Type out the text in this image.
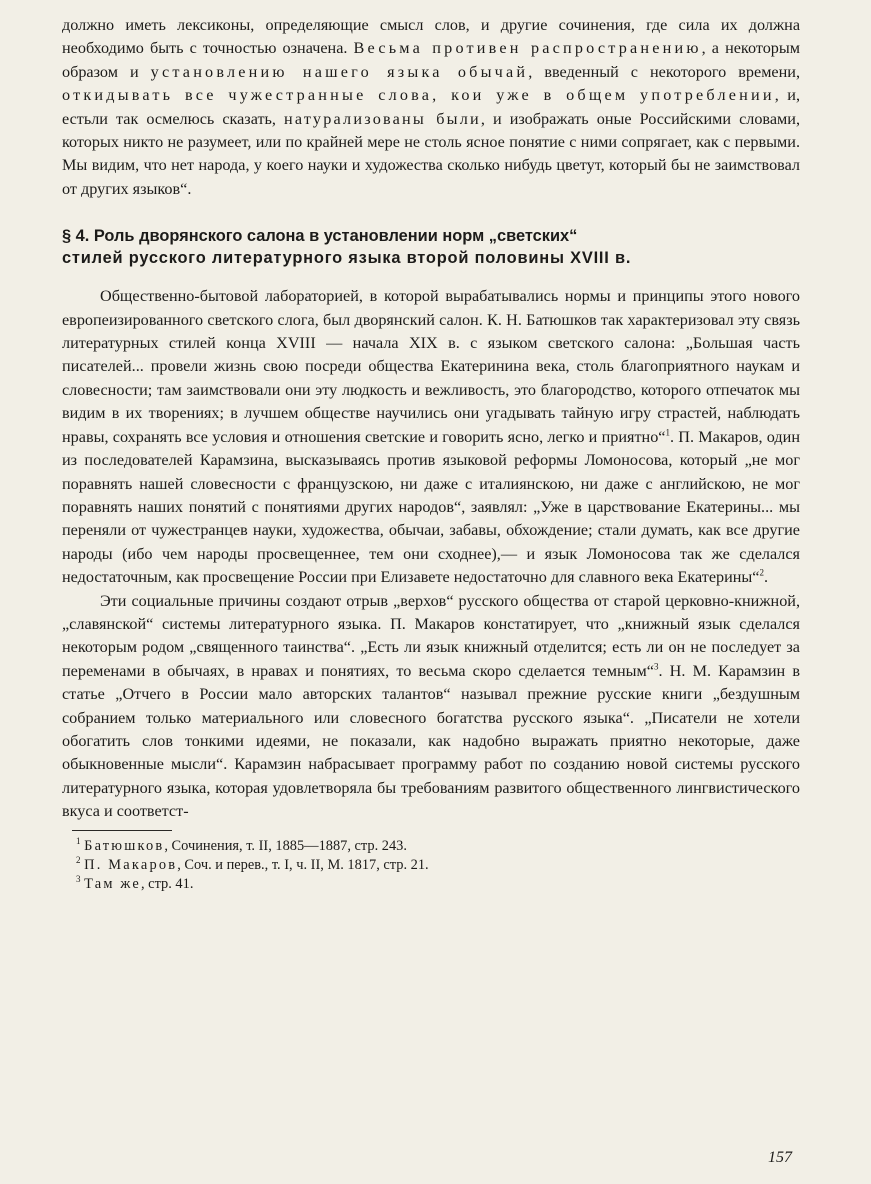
должно иметь лексиконы, определяющие смысл слов, и другие сочинения, где сила их должна необходимо быть с точностью означена. Весьма противен распространению, а некоторым образом и установлению нашего языка обычай, введенный с некоторого времени, откидывать все чужестранные слова, кои уже в общем употреблении, и, естьли так осмелюсь сказать, натурализованы были, и изображать оные Российскими словами, которых никто не разумеет, или по крайней мере не столь ясное понятие с ними сопрягает, как с первыми. Мы видим, что нет народа, у коего науки и художества сколько нибудь цветут, который бы не заимствовал от других языков“.

§ 4. Роль дворянского салона в установлении норм „светских“
стилей русского литературного языка второй половины XVIII в.

Общественно-бытовой лабораторией, в которой вырабатывались нормы и принципы этого нового европеизированного светского слога, был дворянский салон. К. Н. Батюшков так характеризовал эту связь литературных стилей конца XVIII — начала XIX в. с языком светского салона: „Большая часть писателей... провели жизнь свою посреди общества Екатеринина века, столь благоприятного наукам и словесности; там заимствовали они эту людкость и вежливость, это благородство, которого отпечаток мы видим в их творениях; в лучшем обществе научились они угадывать тайную игру страстей, наблюдать нравы, сохранять все условия и отношения светские и говорить ясно, легко и приятно“$^1$. П. Макаров, один из последователей Карамзина, высказываясь против языковой реформы Ломоносова, который „не мог поравнять нашей словесности с французскою, ни даже с италиянскою, ни даже с английскою, не мог поравнять наших понятий с понятиями других народов“, заявлял: „Уже в царствование Екатерины... мы переняли от чужестранцев науки, художества, обычаи, забавы, обхождение; стали думать, как все другие народы (ибо чем народы просвещеннее, тем они сходнее),— и язык Ломоносова так же сделался недостаточным, как просвещение России при Елизавете недостаточно для славного века Екатерины“$^2$.

Эти социальные причины создают отрыв „верхов“ русского общества от старой церковно-книжной, „славянской“ системы литературного языка. П. Макаров констатирует, что „книжный язык сделался некоторым родом „священного таинства“. „Есть ли язык книжный отделится; есть ли он не последует за переменами в обычаях, в нравах и понятиях, то весьма скоро сделается темным“$^3$. Н. М. Карамзин в статье „Отчего в России мало авторских талантов“ называл прежние русские книги „бездушным собранием только материального или словесного богатства русского языка“. „Писатели не хотели обогатить слов тонкими идеями, не показали, как надобно выражать приятно некоторые, даже обыкновенные мысли“. Карамзин набрасывает программу работ по созданию новой системы русского литературного языка, которая удовлетворяла бы требованиям развитого общественного лингвистического вкуса и соответст-

$^1$ Батюшков, Сочинения, т. II, 1885—1887, стр. 243.

$^2$ П. Макаров, Соч. и перев., т. I, ч. II, М. 1817, стр. 21.

$^3$ Там же, стр. 41.

157
